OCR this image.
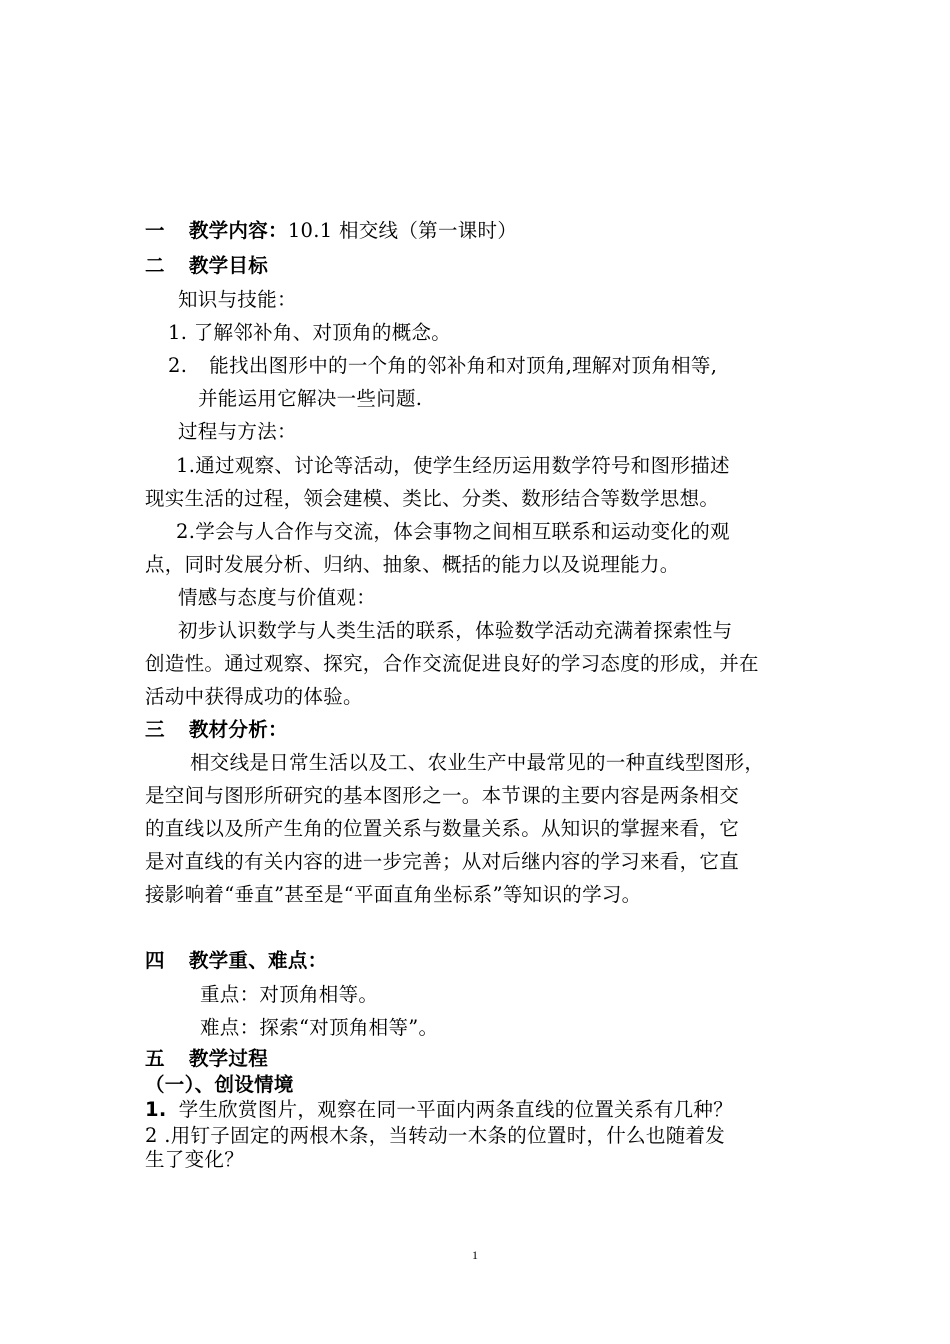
一 教学内容：10.1 相交线（第一课时）
二 教学目标
知识与技能：
1. 了解邻补角、对顶角的概念。
2. 能找出图形中的一个角的邻补角和对顶角,理解对顶角相等,
并能运用它解决一些问题.
过程与方法：
1.通过观察、讨论等活动，使学生经历运用数学符号和图形描述
现实生活的过程，领会建模、类比、分类、数形结合等数学思想。
2.学会与人合作与交流，体会事物之间相互联系和运动变化的观
点，同时发展分析、归纳、抽象、概括的能力以及说理能力。
情感与态度与价值观：
初步认识数学与人类生活的联系，体验数学活动充满着探索性与
创造性。通过观察、探究，合作交流促进良好的学习态度的形成，并在
活动中获得成功的体验。
三 教材分析：
相交线是日常生活以及工、农业生产中最常见的一种直线型图形，
是空间与图形所研究的基本图形之一。本节课的主要内容是两条相交
的直线以及所产生角的位置关系与数量关系。从知识的掌握来看，它
是对直线的有关内容的进一步完善；从对后继内容的学习来看，它直
接影响着“垂直”甚至是“平面直角坐标系”等知识的学习。
四 教学重、难点：
重点：对顶角相等。
难点：探索“对顶角相等”。
五 教学过程
（一）、创设情境
1. 学生欣赏图片，观察在同一平面内两条直线的位置关系有几种？
2 .用钉子固定的两根木条，当转动一木条的位置时，什么也随着发
生了变化？
1
